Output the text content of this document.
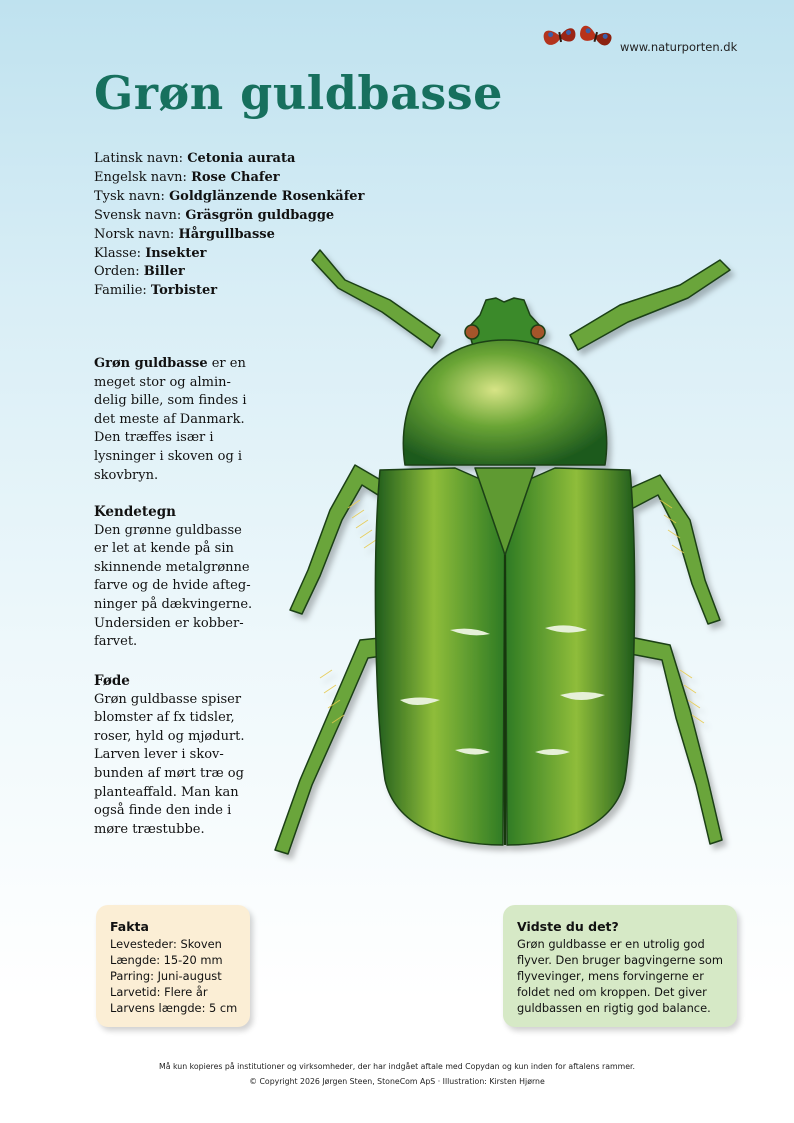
www.naturporten.dk
Grøn guldbasse
Latinsk navn: Cetonia aurata
Engelsk navn: Rose Chafer
Tysk navn: Goldglänzende Rosenkäfer
Svensk navn: Gräsgrön guldbagge
Norsk navn: Hårgullbasse
Klasse: Insekter
Orden: Biller
Familie: Torbister

Grøn guldbasse er en
meget stor og almin-
delig bille, som findes i
det meste af Danmark.
Den træffes især i
lysninger i skoven og i
skovbryn.

Kendetegn

Den grønne guldbasse
er let at kende på sin
skinnende metalgrønne
farve og de hvide afteg-
ninger på dækvingerne.
Undersiden er kobber-
farvet.

Føde

Grøn guldbasse spiser
blomster af fx tidsler,
roser, hyld og mjødurt.
Larven lever i skov-
bunden af mørt træ og
planteaffald. Man kan
også finde den inde i
møre træstubbe.

Fakta
Levesteder: Skoven
Længde: 15-20 mm
Parring: Juni-august
Larvetid: Flere år
Larvens længde: 5 cm
Vidste du det?
Grøn guldbasse er en utrolig god
flyver. Den bruger bagvingerne som
flyvevinger, mens forvingerne er
foldet ned om kroppen. Det giver
guldbassen en rigtig god balance.
Må kun kopieres på institutioner og virksomheder, der har indgået aftale med Copydan og kun inden for aftalens rammer.
© Copyright 2026 Jørgen Steen, StoneCom ApS · Illustration: Kirsten Hjørne
